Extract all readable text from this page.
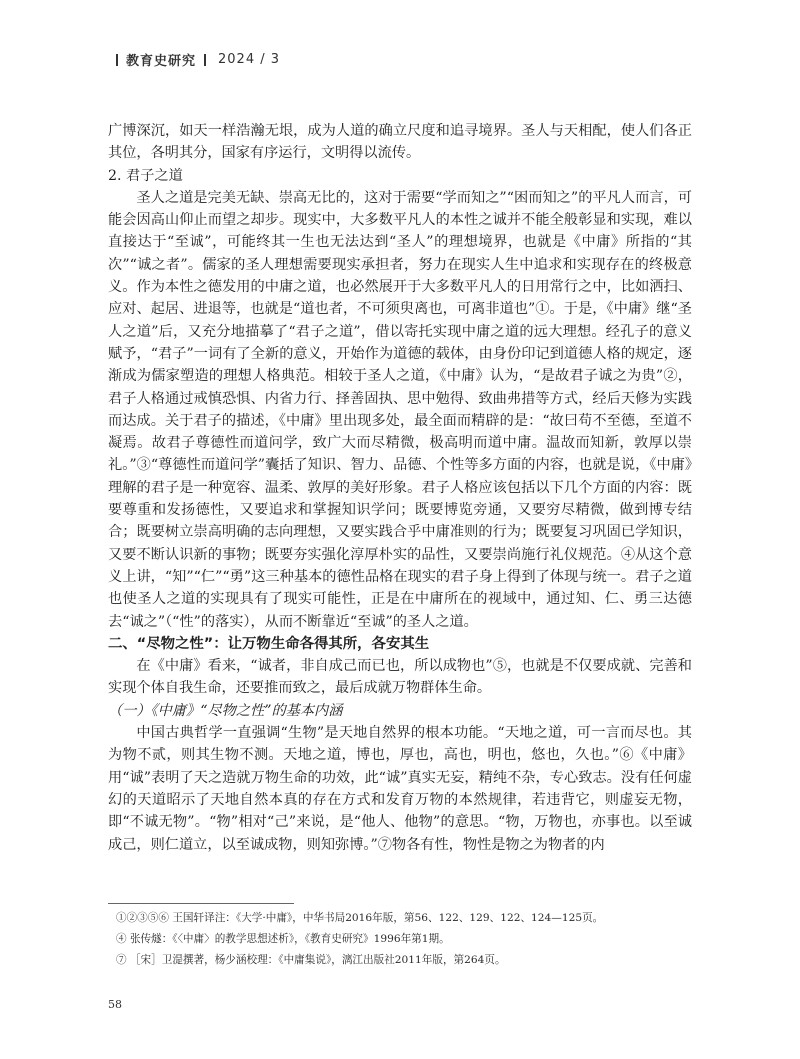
教育史研究 2024 / 3

广博深沉，如天一样浩瀚无垠，成为人道的确立尺度和追寻境界。圣人与天相配，使人们各正其位，各明其分，国家有序运行，文明得以流传。

2. 君子之道

圣人之道是完美无缺、崇高无比的，这对于需要“学而知之”“困而知之”的平凡人而言，可能会因高山仰止而望之却步。现实中，大多数平凡人的本性之诚并不能全般彰显和实现，难以直接达于“至诚”，可能终其一生也无法达到“圣人”的理想境界，也就是《中庸》所指的“其次”“诚之者”。儒家的圣人理想需要现实承担者，努力在现实人生中追求和实现存在的终极意义。作为本性之德发用的中庸之道，也必然展开于大多数平凡人的日用常行之中，比如洒扫、应对、起居、进退等，也就是“道也者，不可须臾离也，可离非道也”①。于是，《中庸》继“圣人之道”后，又充分地描摹了“君子之道”，借以寄托实现中庸之道的远大理想。经孔子的意义赋予，“君子”一词有了全新的意义，开始作为道德的载体，由身份印记到道德人格的规定，逐渐成为儒家塑造的理想人格典范。相较于圣人之道，《中庸》认为，“是故君子诚之为贵”②，君子人格通过戒慎恐惧、内省力行、择善固执、思中勉得、致曲弗措等方式，经后天修为实践而达成。关于君子的描述，《中庸》里出现多处，最全面而精辟的是：“故曰苟不至德，至道不凝焉。故君子尊德性而道问学，致广大而尽精微，极高明而道中庸。温故而知新，敦厚以崇礼。”③“尊德性而道问学”囊括了知识、智力、品德、个性等多方面的内容，也就是说，《中庸》理解的君子是一种宽容、温柔、敦厚的美好形象。君子人格应该包括以下几个方面的内容：既要尊重和发扬德性，又要追求和掌握知识学问；既要博览旁通，又要穷尽精微，做到博专结合；既要树立崇高明确的志向理想，又要实践合乎中庸准则的行为；既要复习巩固已学知识，又要不断认识新的事物；既要夯实强化淳厚朴实的品性，又要崇尚施行礼仪规范。④从这个意义上讲，“知”“仁”“勇”这三种基本的德性品格在现实的君子身上得到了体现与统一。君子之道也使圣人之道的实现具有了现实可能性，正是在中庸所在的视域中，通过知、仁、勇三达德去“诚之”（“性”的落实），从而不断靠近“至诚”的圣人之道。

二、“尽物之性”：让万物生命各得其所，各安其生

在《中庸》看来，“诚者，非自成己而已也，所以成物也”⑤，也就是不仅要成就、完善和实现个体自我生命，还要推而致之，最后成就万物群体生命。

（一）《中庸》“尽物之性”的基本内涵

中国古典哲学一直强调“生物”是天地自然界的根本功能。“天地之道，可一言而尽也。其为物不贰，则其生物不测。天地之道，博也，厚也，高也，明也，悠也，久也。”⑥《中庸》用“诚”表明了天之造就万物生命的功效，此“诚”真实无妄，精纯不杂，专心致志。没有任何虚幻的天道昭示了天地自然本真的存在方式和发育万物的本然规律，若违背它，则虚妄无物，即“不诚无物”。“物”相对“己”来说，是“他人、他物”的意思。“物，万物也，亦事也。以至诚成己，则仁道立，以至诚成物，则知弥博。”⑦物各有性，物性是物之为物者的内

①②③⑤⑥ 王国轩译注：《大学·中庸》，中华书局2016年版，第56、122、129、122、124—125页。
④ 张传燧：《〈中庸〉的教学思想述析》，《教育史研究》1996年第1期。
⑦ ［宋］卫湜撰著，杨少涵校理：《中庸集说》，漓江出版社2011年版，第264页。
58
